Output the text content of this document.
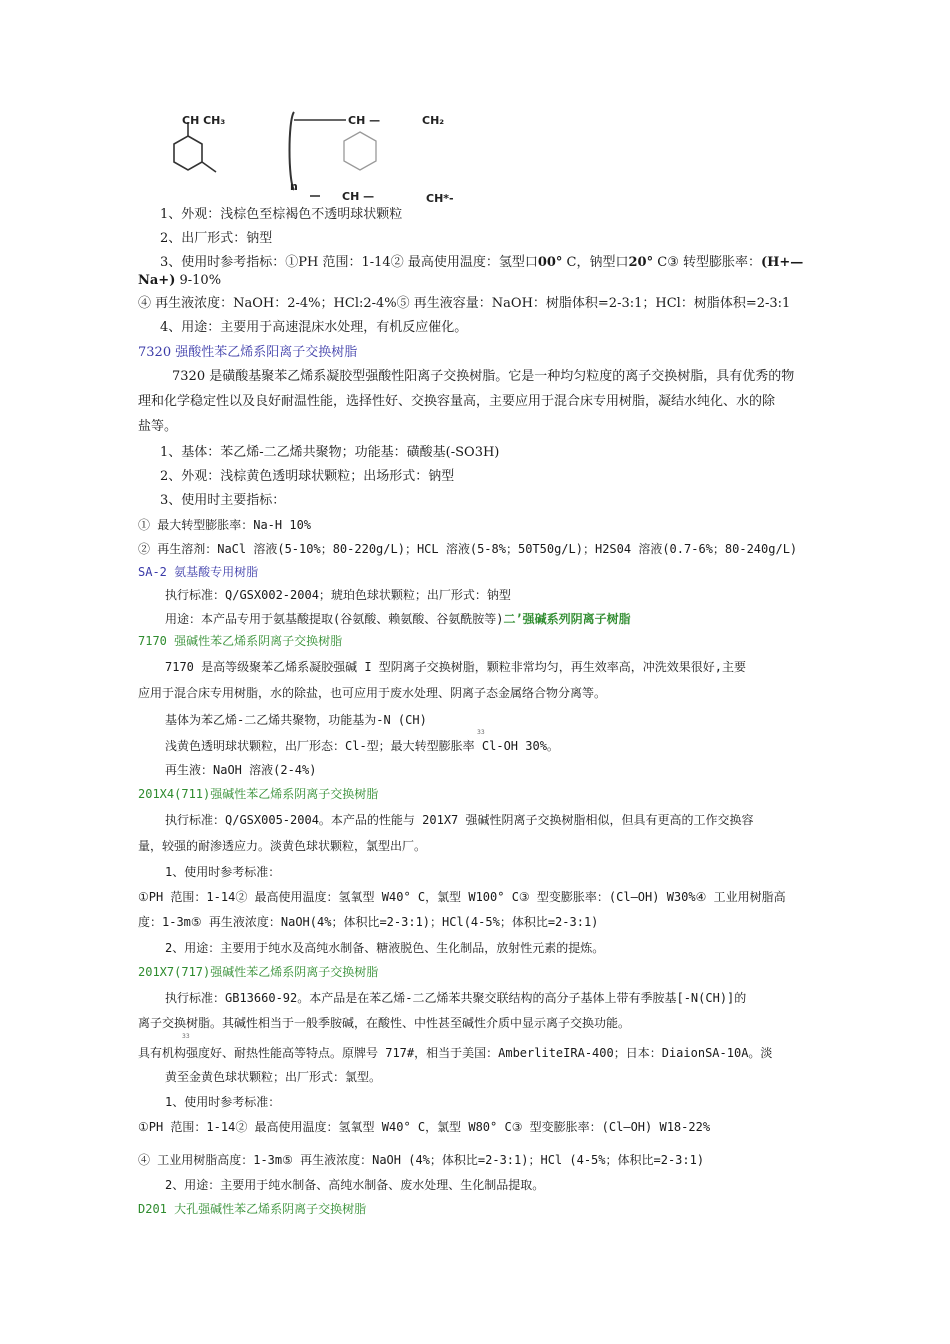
CH CH₃
n
CH —	CH₂
CH —	CH*-
1、外观：浅棕色至棕褐色不透明球状颗粒
2、出厂形式：钠型
3、使用时参考指标：①PH 范围：1-14② 最高使用温度：氢型口00° C，钠型口20° C③ 转型膨胀率：(H+—
Na+) 9-10%
④ 再生液浓度：NaOH：2-4%；HCl:2-4%⑤ 再生液容量：NaOH：树脂体积=2-3:1；HCl：树脂体积=2-3:1
4、用途：主要用于高速混床水处理，有机反应催化。
7320 强酸性苯乙烯系阳离子交换树脂
7320 是磺酸基聚苯乙烯系凝胶型强酸性阳离子交换树脂。它是一种均匀粒度的离子交换树脂，具有优秀的物
理和化学稳定性以及良好耐温性能，选择性好、交换容量高，主要应用于混合床专用树脂，凝结水纯化、水的除
盐等。
1、基体：苯乙烯-二乙烯共聚物；功能基：磺酸基(-SO3H)
2、外观：浅棕黄色透明球状颗粒；出场形式：钠型
3、使用时主要指标：
① 最大转型膨胀率：Na-H 10%
② 再生溶剂：NaCl 溶液(5-10%；80-220g/L)；HCL 溶液(5-8%；50T50g/L)；H2S04 溶液(0.7-6%；80-240g/L)
SA-2 氨基酸专用树脂
执行标准：Q/GSX002-2004；琥珀色球状颗粒；出厂形式：钠型
用途：本产品专用于氨基酸提取(谷氨酸、赖氨酸、谷氨酰胺等)二’强碱系列阴离子树脂
7170 强碱性苯乙烯系阴离子交换树脂
7170 是高等级聚苯乙烯系凝胶强碱 I 型阴离子交换树脂，颗粒非常均匀，再生效率高，冲洗效果很好,主要
应用于混合床专用树脂，水的除盐，也可应用于废水处理、阴离子态金属络合物分离等。
基体为苯乙烯-二乙烯共聚物，功能基为-N (CH)
33
浅黄色透明球状颗粒，出厂形态：Cl-型；最大转型膨胀率 Cl-OH 30%。
再生液：NaOH 溶液(2-4%)
201X4(711)强碱性苯乙烯系阴离子交换树脂
执行标准：Q/GSX005-2004。本产品的性能与 201X7 强碱性阴离子交换树脂相似，但具有更高的工作交换容
量，较强的耐渗透应力。淡黄色球状颗粒，氯型出厂。
1、使用时参考标准：
①PH 范围：1-14② 最高使用温度：氢氧型 W40° C，氯型 W100° C③ 型变膨胀率：(Cl—OH) W30%④ 工业用树脂高
度：1-3m⑤ 再生液浓度：NaOH(4%；体积比=2-3:1)；HCl(4-5%；体积比=2-3:1)
2、用途：主要用于纯水及高纯水制备、糖液脱色、生化制品，放射性元素的提炼。
201X7(717)强碱性苯乙烯系阴离子交换树脂
执行标准：GB13660-92。本产品是在苯乙烯-二乙烯苯共聚交联结构的高分子基体上带有季胺基[-N(CH)]的
离子交换树脂。其碱性相当于一般季胺碱，在酸性、中性甚至碱性介质中显示离子交换功能。
33
具有机构强度好、耐热性能高等特点。原牌号 717#，相当于美国：AmberliteIRA-400；日本：DiaionSA-10A。淡
黄至金黄色球状颗粒；出厂形式：氯型。
1、使用时参考标准：
①PH 范围：1-14② 最高使用温度：氢氧型 W40° C，氯型 W80° C③ 型变膨胀率：(Cl—OH) W18-22%
④ 工业用树脂高度：1-3m⑤ 再生液浓度：NaOH (4%；体积比=2-3:1)；HCl (4-5%；体积比=2-3:1)
2、用途：主要用于纯水制备、高纯水制备、废水处理、生化制品提取。
D201 大孔强碱性苯乙烯系阴离子交换树脂
